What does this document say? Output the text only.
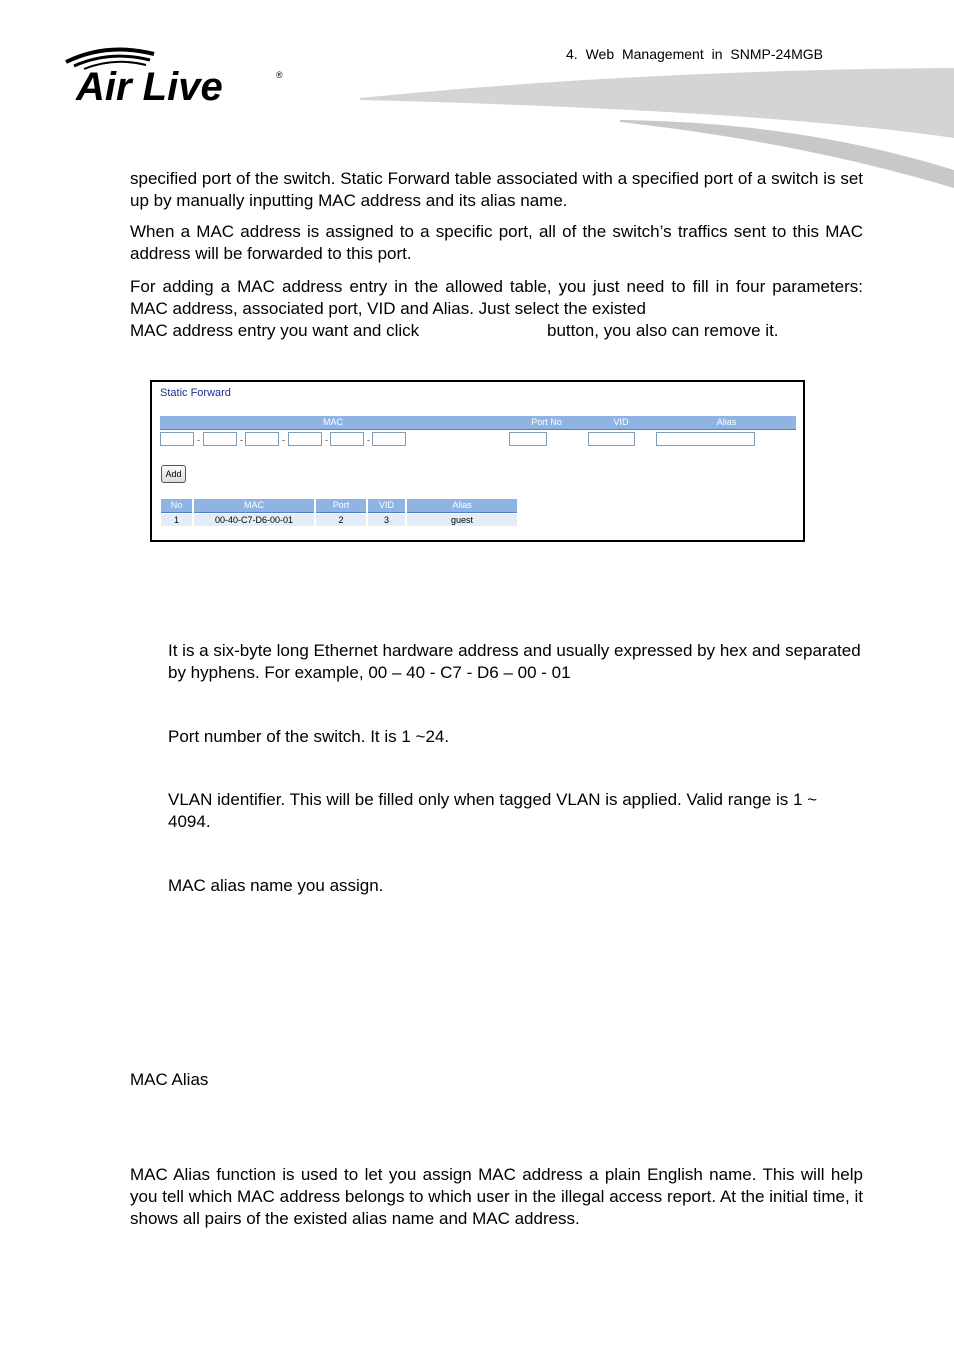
4. Web Management in SNMP-24MGB
Air Live	®
specified port of the switch. Static Forward table associated with a specified port of a switch is set up by manually inputting MAC address and its alias name.
When a MAC address is assigned to a specific port, all of the switch’s traffics sent to this MAC address will be forwarded to this port.
For adding a MAC address entry in the allowed table, you just need to fill in four parameters: MAC address, associated port, VID and Alias. Just select the existed
MAC address entry you want and click	button, you also can remove it.
Static Forward
MAC	Port No	VID	Alias
-	-	-	-	-
Add
No	MAC	Port	VID	Alias
1	00-40-C7-D6-00-01	2	3	guest
It is a six-byte long Ethernet hardware address and usually expressed by hex and separated by hyphens. For example, 00 – 40 - C7 - D6 – 00 - 01
Port number of the switch. It is 1 ~24.
VLAN identifier. This will be filled only when tagged VLAN is applied. Valid range is 1 ~ 4094.
MAC alias name you assign.
MAC Alias
MAC Alias function is used to let you assign MAC address a plain English name. This will help you tell which MAC address belongs to which user in the illegal access report. At the initial time, it shows all pairs of the existed alias name and MAC address.
